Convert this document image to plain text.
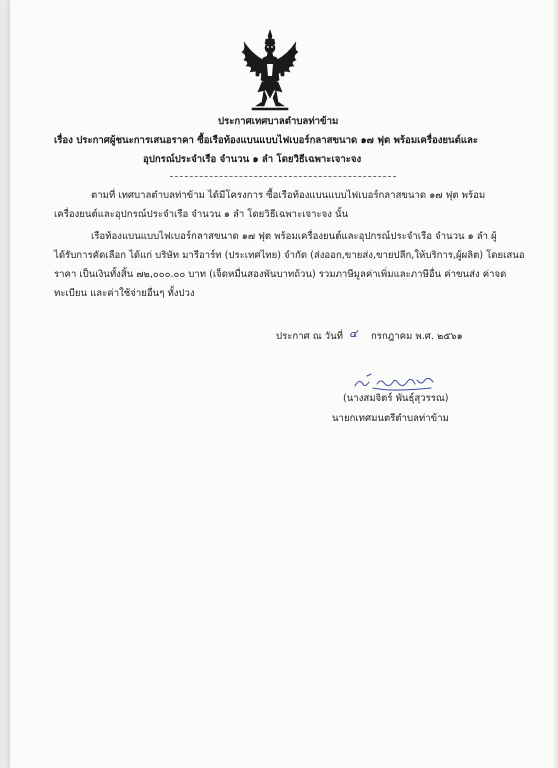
ประกาศเทศบาลตำบลท่าข้าม
เรื่อง ประกาศผู้ชนะการเสนอราคา ซื้อเรือท้องแบนแบบไฟเบอร์กลาสขนาด ๑๗ ฟุต พร้อมเครื่องยนต์และ
อุปกรณ์ประจำเรือ จำนวน ๑ ลำ โดยวิธีเฉพาะเจาะจง
ตามที่ เทศบาลตำบลท่าข้าม ได้มีโครงการ ซื้อเรือท้องแบนแบบไฟเบอร์กลาสขนาด ๑๗ ฟุต พร้อม
เครื่องยนต์และอุปกรณ์ประจำเรือ จำนวน ๑ ลำ โดยวิธีเฉพาะเจาะจง นั้น
เรือท้องแบนแบบไฟเบอร์กลาสขนาด ๑๗ ฟุต พร้อมเครื่องยนต์และอุปกรณ์ประจำเรือ จำนวน ๑ ลำ ผู้
ได้รับการคัดเลือก ได้แก่ บริษัท มารีอาร์ท (ประเทศไทย) จำกัด (ส่งออก,ขายส่ง,ขายปลีก,ให้บริการ,ผู้ผลิต) โดยเสนอ
ราคา เป็นเงินทั้งสิ้น ๗๒,๐๐๐.๐๐ บาท (เจ็ดหมื่นสองพันบาทถ้วน) รวมภาษีมูลค่าเพิ่มและภาษีอื่น ค่าขนส่ง ค่าจด
ทะเบียน และค่าใช้จ่ายอื่นๆ ทั้งปวง
ประกาศ ณ วันที่ ๔ กรกฎาคม พ.ศ. ๒๕๖๑
(นางสมจิตร์ พันธุ์สุวรรณ)
นายกเทศมนตรีตำบลท่าข้าม
